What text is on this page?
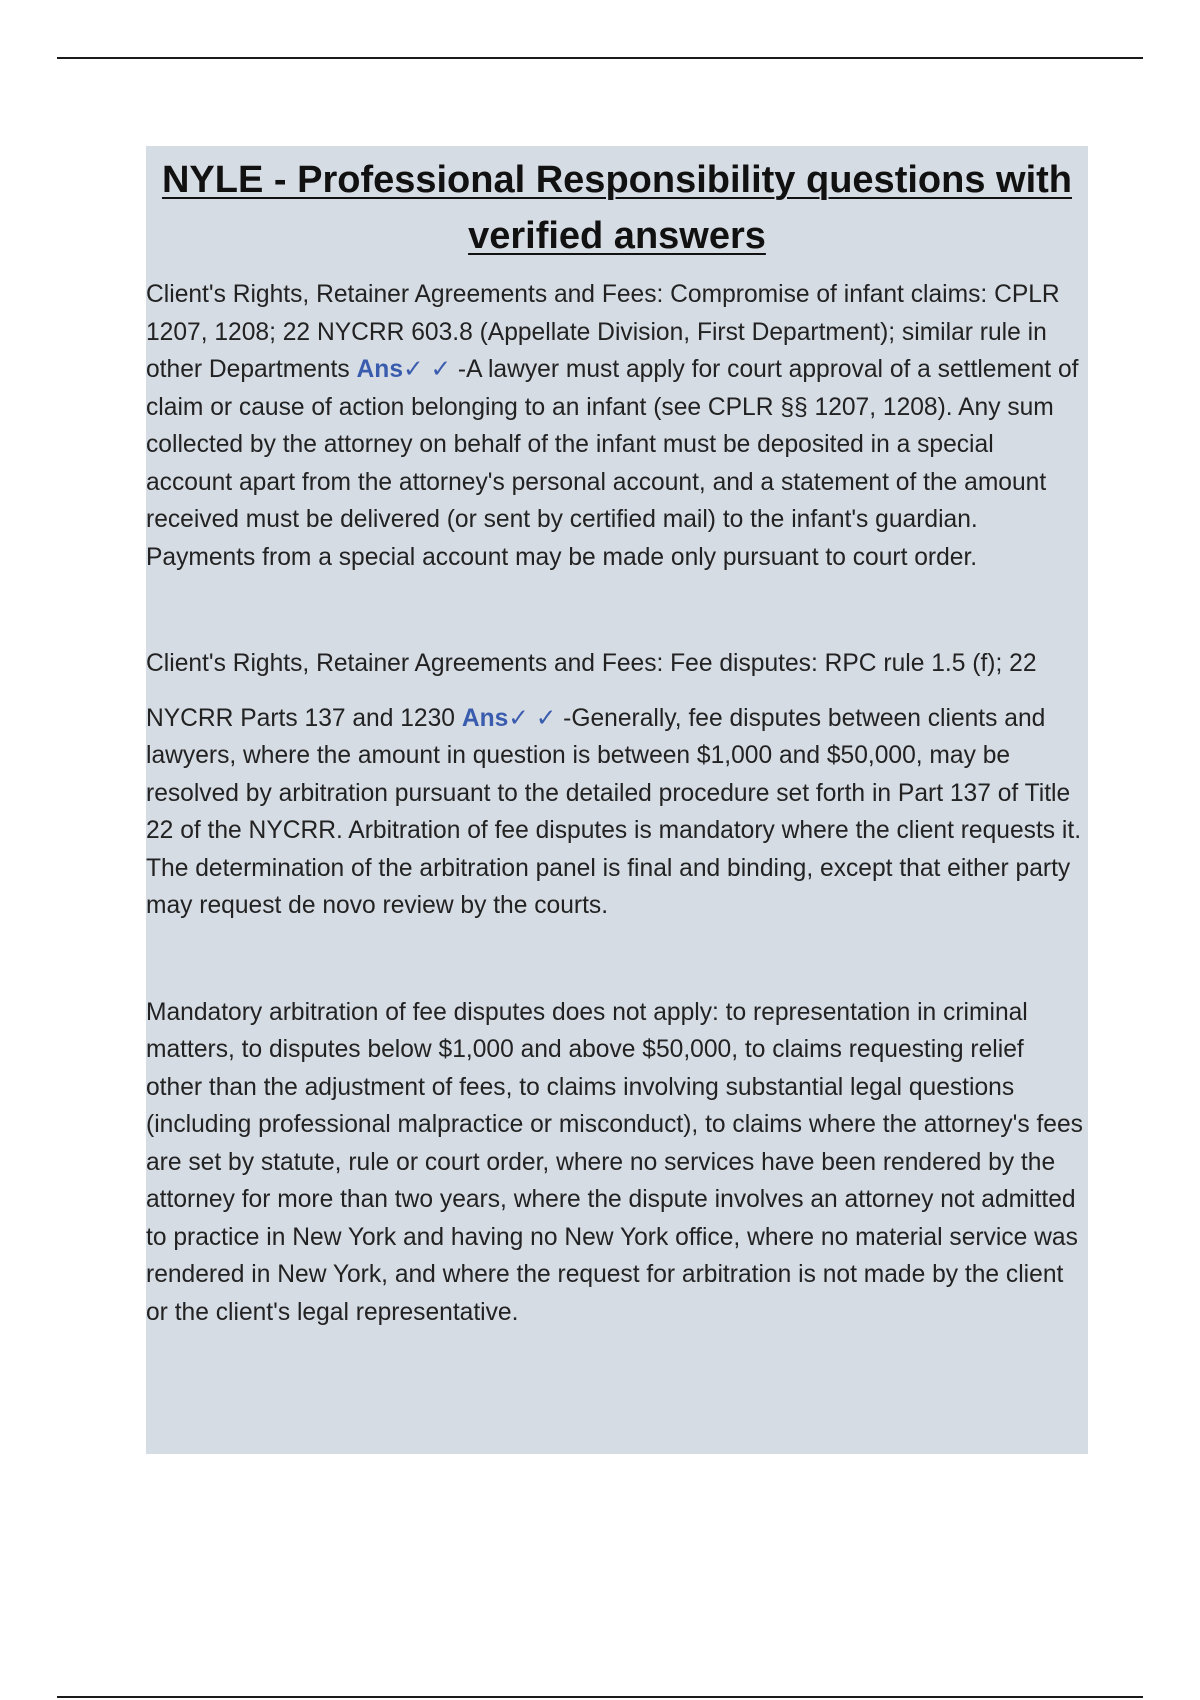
NYLE - Professional Responsibility questions with verified answers

Client's Rights, Retainer Agreements and Fees: Compromise of infant claims: CPLR 1207, 1208; 22 NYCRR 603.8 (Appellate Division, First Department); similar rule in other Departments Ans✓ ✓ -A lawyer must apply for court approval of a settlement of claim or cause of action belonging to an infant (see CPLR §§ 1207, 1208). Any sum collected by the attorney on behalf of the infant must be deposited in a special account apart from the attorney's personal account, and a statement of the amount received must be delivered (or sent by certified mail) to the infant's guardian. Payments from a special account may be made only pursuant to court order.

Client's Rights, Retainer Agreements and Fees: Fee disputes: RPC rule 1.5 (f); 22

NYCRR Parts 137 and 1230 Ans✓ ✓ -Generally, fee disputes between clients and lawyers, where the amount in question is between $1,000 and $50,000, may be resolved by arbitration pursuant to the detailed procedure set forth in Part 137 of Title 22 of the NYCRR. Arbitration of fee disputes is mandatory where the client requests it. The determination of the arbitration panel is final and binding, except that either party may request de novo review by the courts.

Mandatory arbitration of fee disputes does not apply: to representation in criminal matters, to disputes below $1,000 and above $50,000, to claims requesting relief other than the adjustment of fees, to claims involving substantial legal questions (including professional malpractice or misconduct), to claims where the attorney's fees are set by statute, rule or court order, where no services have been rendered by the attorney for more than two years, where the dispute involves an attorney not admitted to practice in New York and having no New York office, where no material service was rendered in New York, and where the request for arbitration is not made by the client or the client's legal representative.
